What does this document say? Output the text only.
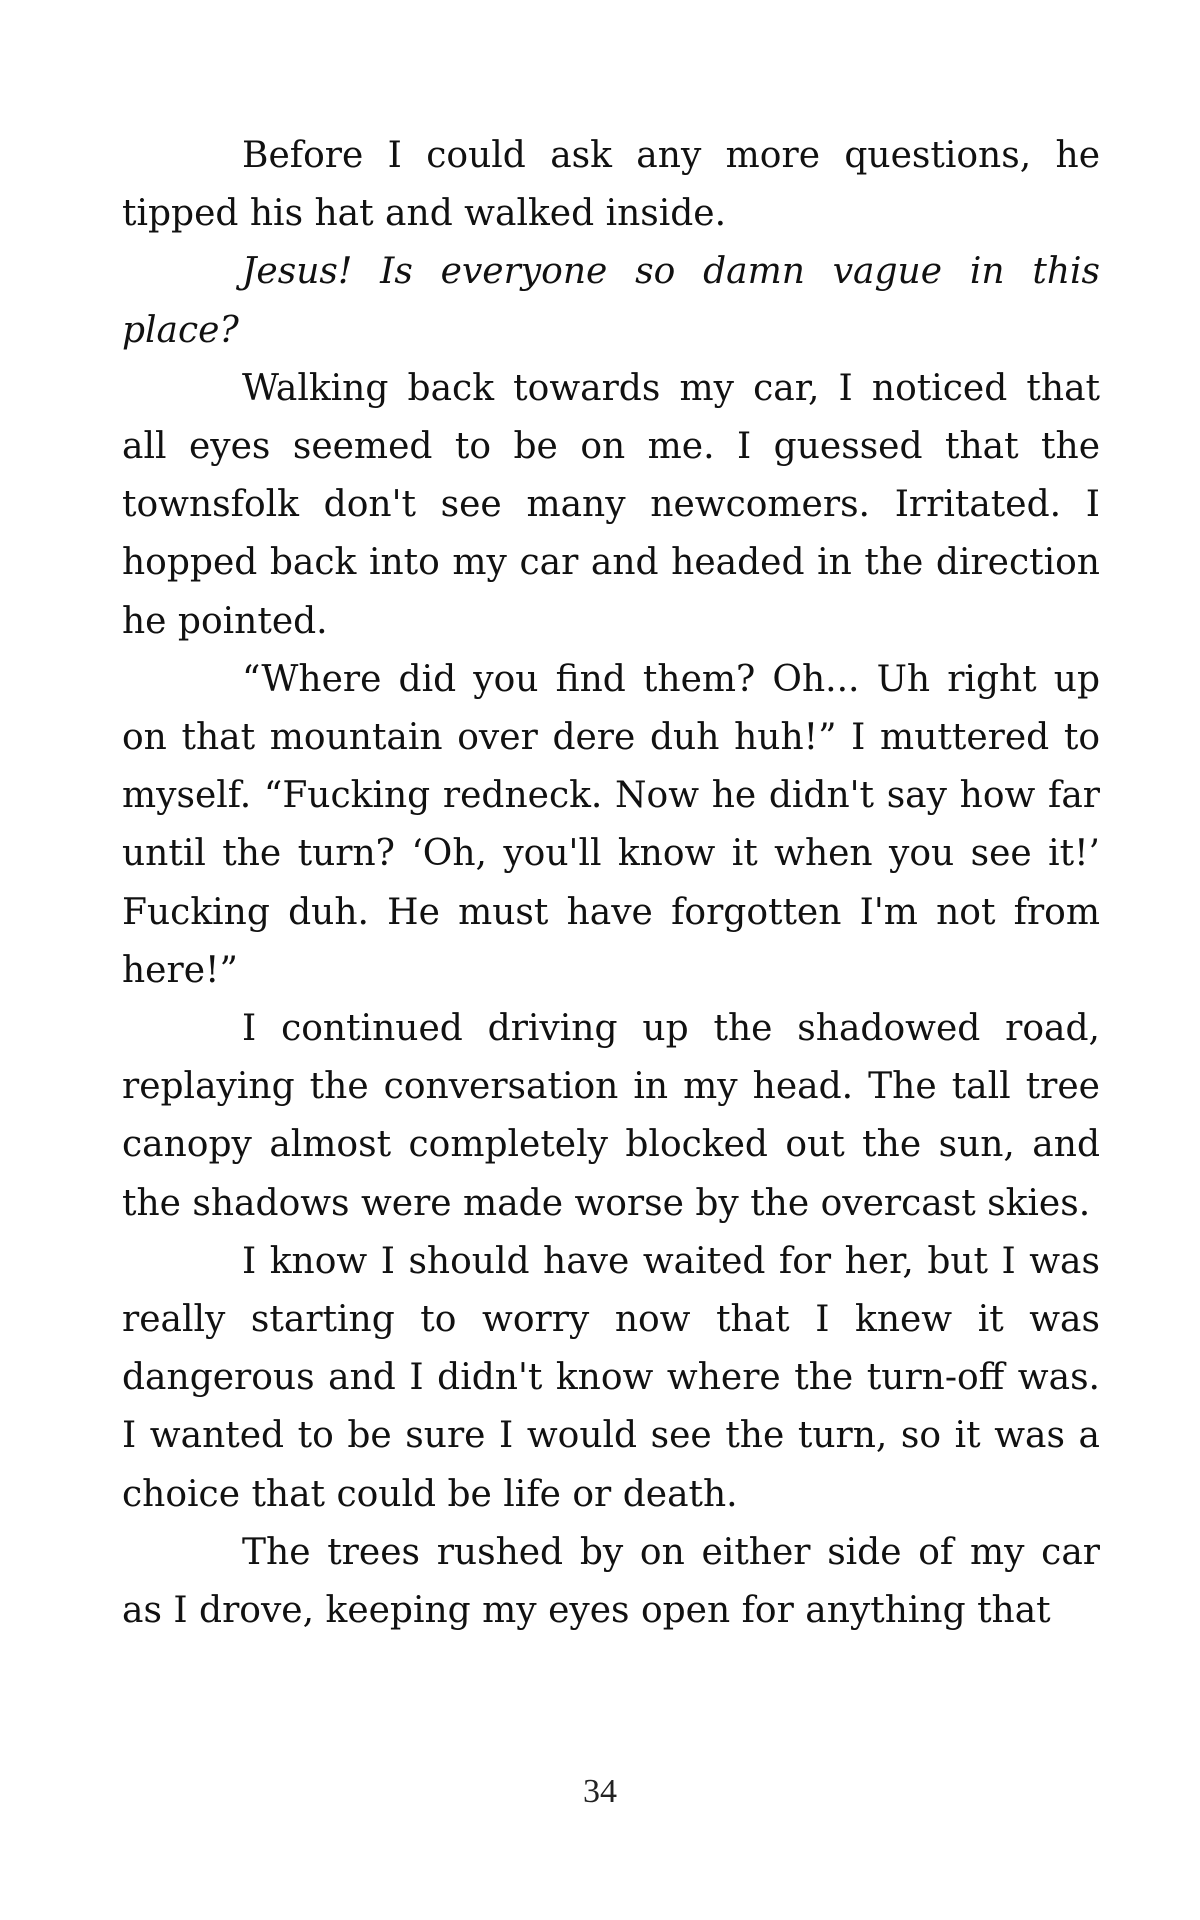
Before I could ask any more questions, he tipped his hat and walked inside.

Jesus! Is everyone so damn vague in this place?

Walking back towards my car, I noticed that all eyes seemed to be on me. I guessed that the townsfolk don't see many newcomers. Irritated. I hopped back into my car and headed in the direction he pointed.

“Where did you find them? Oh... Uh right up on that mountain over dere duh huh!” I muttered to myself. “Fucking redneck. Now he didn't say how far until the turn? ‘Oh, you'll know it when you see it!’ Fucking duh. He must have forgotten I'm not from here!”

I continued driving up the shadowed road, replaying the conversation in my head. The tall tree canopy almost completely blocked out the sun, and the shadows were made worse by the overcast skies.

I know I should have waited for her, but I was really starting to worry now that I knew it was dangerous and I didn't know where the turn-off was. I wanted to be sure I would see the turn, so it was a choice that could be life or death.

The trees rushed by on either side of my car as I drove, keeping my eyes open for anything that

34
